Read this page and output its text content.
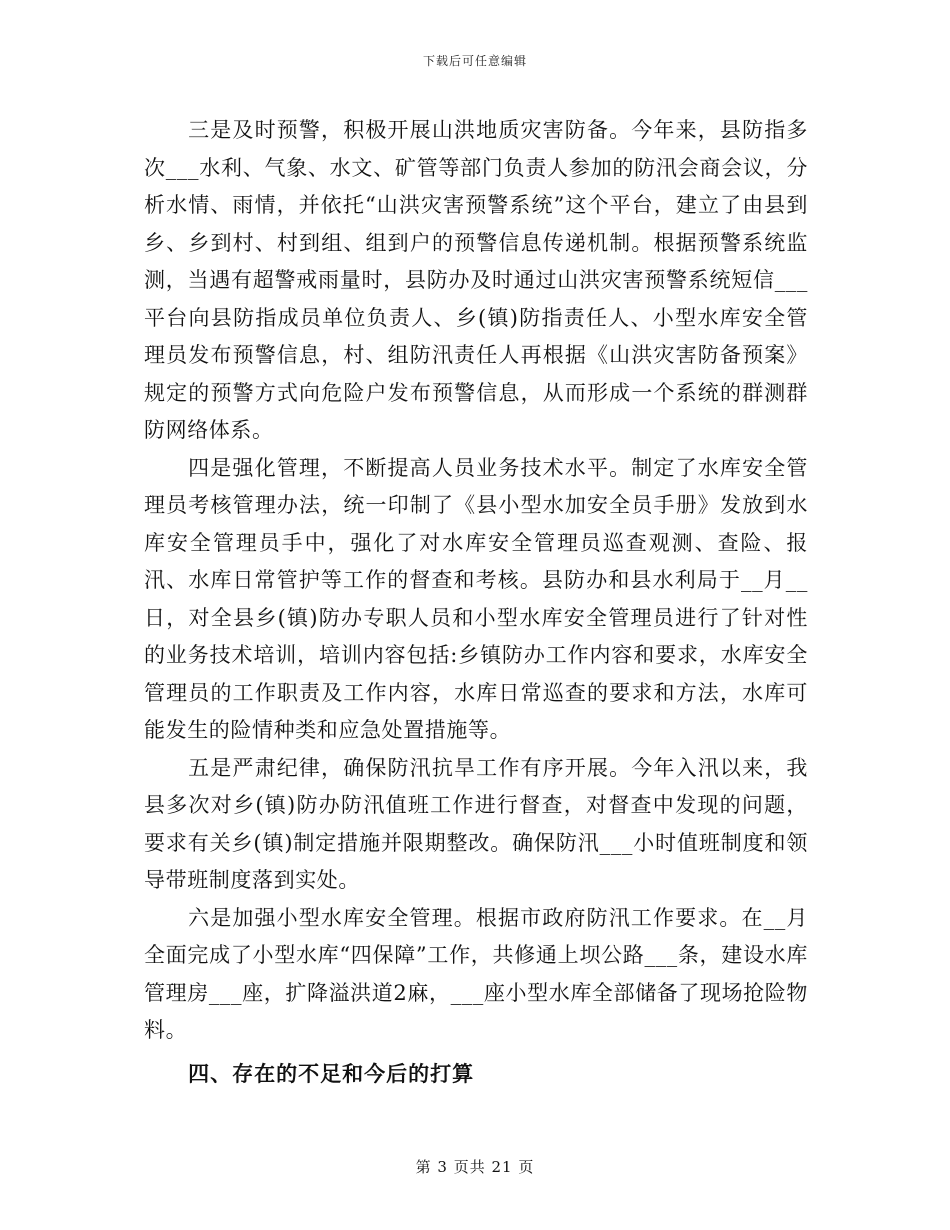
下载后可任意编辑

三是及时预警，积极开展山洪地质灾害防备。今年来，县防指多次___水利、气象、水文、矿管等部门负责人参加的防汛会商会议，分析水情、雨情，并依托“山洪灾害预警系统”这个平台，建立了由县到乡、乡到村、村到组、组到户的预警信息传递机制。根据预警系统监测，当遇有超警戒雨量时，县防办及时通过山洪灾害预警系统短信___平台向县防指成员单位负责人、乡(镇)防指责任人、小型水库安全管理员发布预警信息，村、组防汛责任人再根据《山洪灾害防备预案》规定的预警方式向危险户发布预警信息，从而形成一个系统的群测群防网络体系。

四是强化管理，不断提高人员业务技术水平。制定了水库安全管理员考核管理办法，统一印制了《县小型水加安全员手册》发放到水库安全管理员手中，强化了对水库安全管理员巡查观测、查险、报汛、水库日常管护等工作的督查和考核。县防办和县水利局于__月__日，对全县乡(镇)防办专职人员和小型水库安全管理员进行了针对性的业务技术培训，培训内容包括:乡镇防办工作内容和要求，水库安全管理员的工作职责及工作内容，水库日常巡查的要求和方法，水库可能发生的险情种类和应急处置措施等。

五是严肃纪律，确保防汛抗旱工作有序开展。今年入汛以来，我县多次对乡(镇)防办防汛值班工作进行督查，对督查中发现的问题，要求有关乡(镇)制定措施并限期整改。确保防汛___小时值班制度和领导带班制度落到实处。

六是加强小型水库安全管理。根据市政府防汛工作要求。在__月全面完成了小型水库“四保障”工作，共修通上坝公路___条，建设水库管理房___座，扩降溢洪道2麻，___座小型水库全部储备了现场抢险物料。

四、存在的不足和今后的打算

第 3 页共 21 页
